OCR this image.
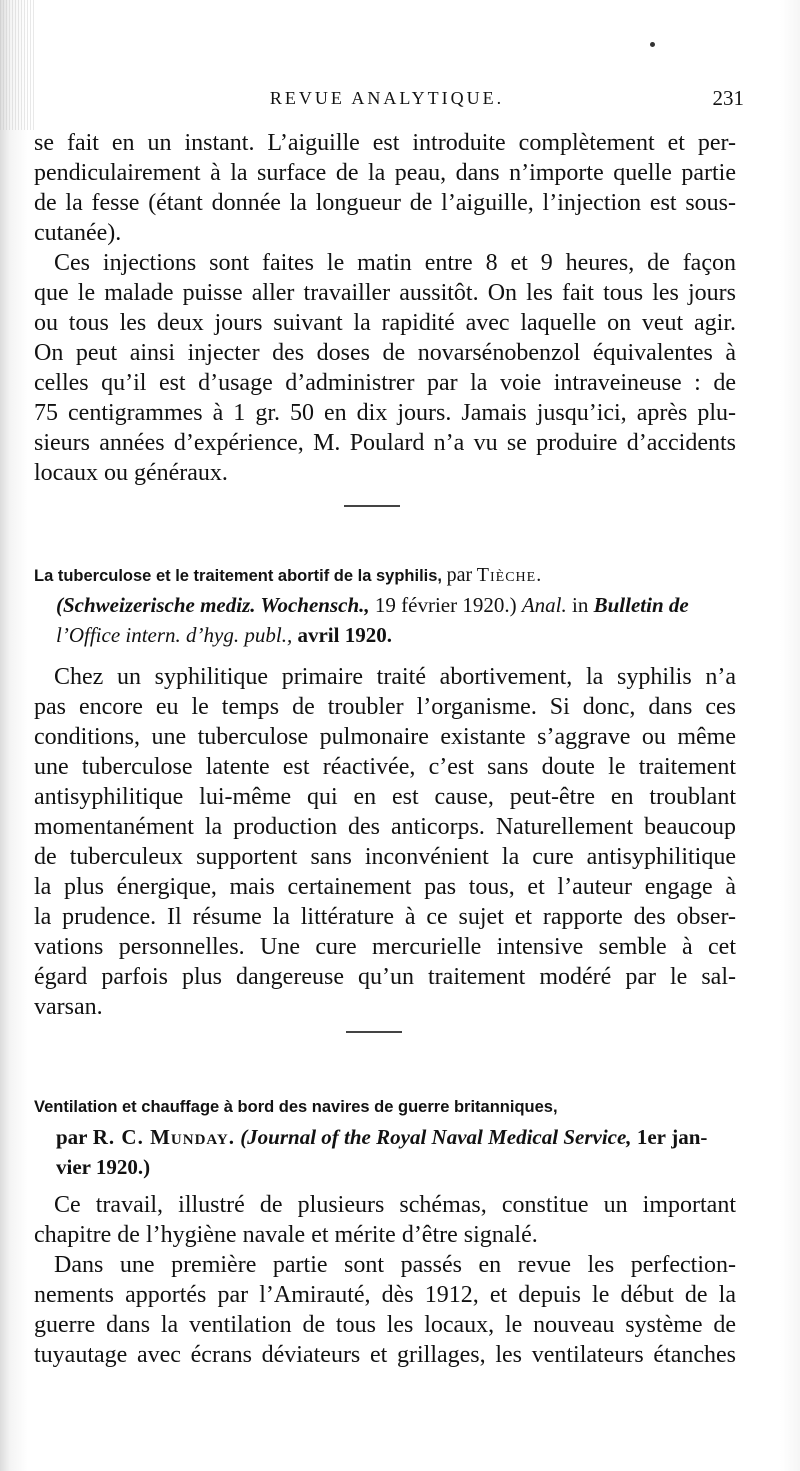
REVUE ANALYTIQUE.	231
se fait en un instant. L’aiguille est introduite complètement et per-
pendiculairement à la surface de la peau, dans n’importe quelle partie
de la fesse (étant donnée la longueur de l’aiguille, l’injection est sous-
cutanée).
Ces injections sont faites le matin entre 8 et 9 heures, de façon
que le malade puisse aller travailler aussitôt. On les fait tous les jours
ou tous les deux jours suivant la rapidité avec laquelle on veut agir.
On peut ainsi injecter des doses de novarsénobenzol équivalentes à
celles qu’il est d’usage d’administrer par la voie intraveineuse : de
75 centigrammes à 1 gr. 50 en dix jours. Jamais jusqu’ici, après plu-
sieurs années d’expérience, M. Poulard n’a vu se produire d’accidents
locaux ou généraux.
La tuberculose et le traitement abortif de la syphilis, par Tièche.
(Schweizerische mediz. Wochensch., 19 février 1920.) Anal. in Bulletin de
l’Office intern. d’hyg. publ., avril 1920.
Chez un syphilitique primaire traité abortivement, la syphilis n’a
pas encore eu le temps de troubler l’organisme. Si donc, dans ces
conditions, une tuberculose pulmonaire existante s’aggrave ou même
une tuberculose latente est réactivée, c’est sans doute le traitement
antisyphilitique lui-même qui en est cause, peut-être en troublant
momentanément la production des anticorps. Naturellement beaucoup
de tuberculeux supportent sans inconvénient la cure antisyphilitique
la plus énergique, mais certainement pas tous, et l’auteur engage à
la prudence. Il résume la littérature à ce sujet et rapporte des obser-
vations personnelles. Une cure mercurielle intensive semble à cet
égard parfois plus dangereuse qu’un traitement modéré par le sal-
varsan.
Ventilation et chauffage à bord des navires de guerre britanniques,
par R. C. Munday. (Journal of the Royal Naval Medical Service, 1er jan-
vier 1920.)
Ce travail, illustré de plusieurs schémas, constitue un important
chapitre de l’hygiène navale et mérite d’être signalé.
Dans une première partie sont passés en revue les perfection-
nements apportés par l’Amirauté, dès 1912, et depuis le début de la
guerre dans la ventilation de tous les locaux, le nouveau système de
tuyautage avec écrans déviateurs et grillages, les ventilateurs étanches
